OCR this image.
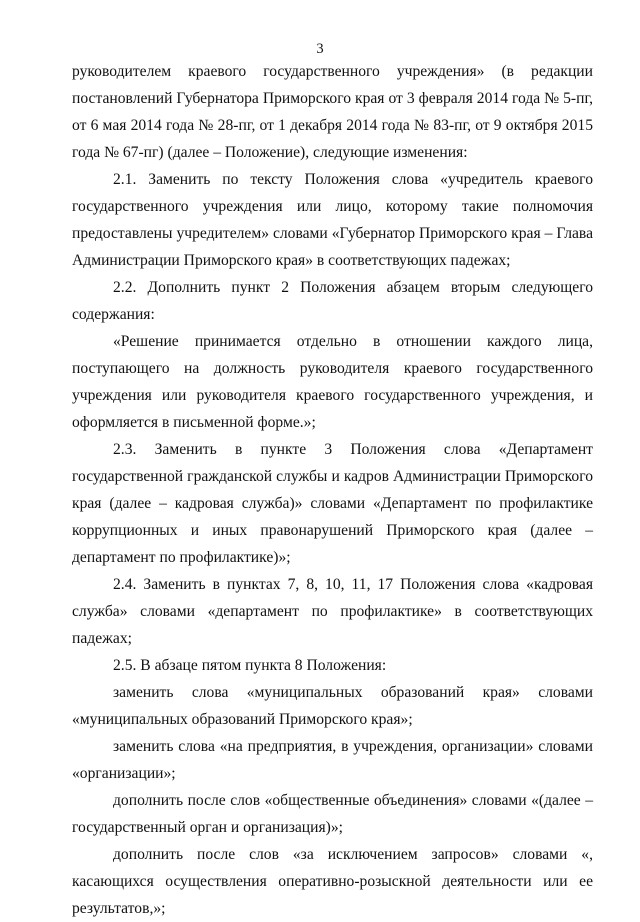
3

руководителем краевого государственного учреждения» (в редакции постановлений Губернатора Приморского края от 3 февраля 2014 года № 5-пг, от 6 мая 2014 года № 28-пг, от 1 декабря 2014 года № 83-пг, от 9 октября 2015 года № 67-пг) (далее – Положение), следующие изменения:

2.1. Заменить по тексту Положения слова «учредитель краевого государственного учреждения или лицо, которому такие полномочия предоставлены учредителем» словами «Губернатор Приморского края – Глава Администрации Приморского края» в соответствующих падежах;

2.2. Дополнить пункт 2 Положения абзацем вторым следующего содержания:

«Решение принимается отдельно в отношении каждого лица, поступающего на должность руководителя краевого государственного учреждения или руководителя краевого государственного учреждения, и оформляется в письменной форме.»;

2.3. Заменить в пункте 3 Положения слова «Департамент государственной гражданской службы и кадров Администрации Приморского края (далее – кадровая служба)» словами «Департамент по профилактике коррупционных и иных правонарушений Приморского края (далее – департамент по профилактике)»;

2.4. Заменить в пунктах 7, 8, 10, 11, 17 Положения слова «кадровая служба» словами «департамент по профилактике» в соответствующих падежах;

2.5. В абзаце пятом пункта 8 Положения:

заменить слова «муниципальных образований края» словами «муниципальных образований Приморского края»;

заменить слова «на предприятия, в учреждения, организации» словами «организации»;

дополнить после слов «общественные объединения» словами «(далее – государственный орган и организация)»;

дополнить после слов «за исключением запросов» словами «, касающихся осуществления оперативно-розыскной деятельности или ее результатов,»;
